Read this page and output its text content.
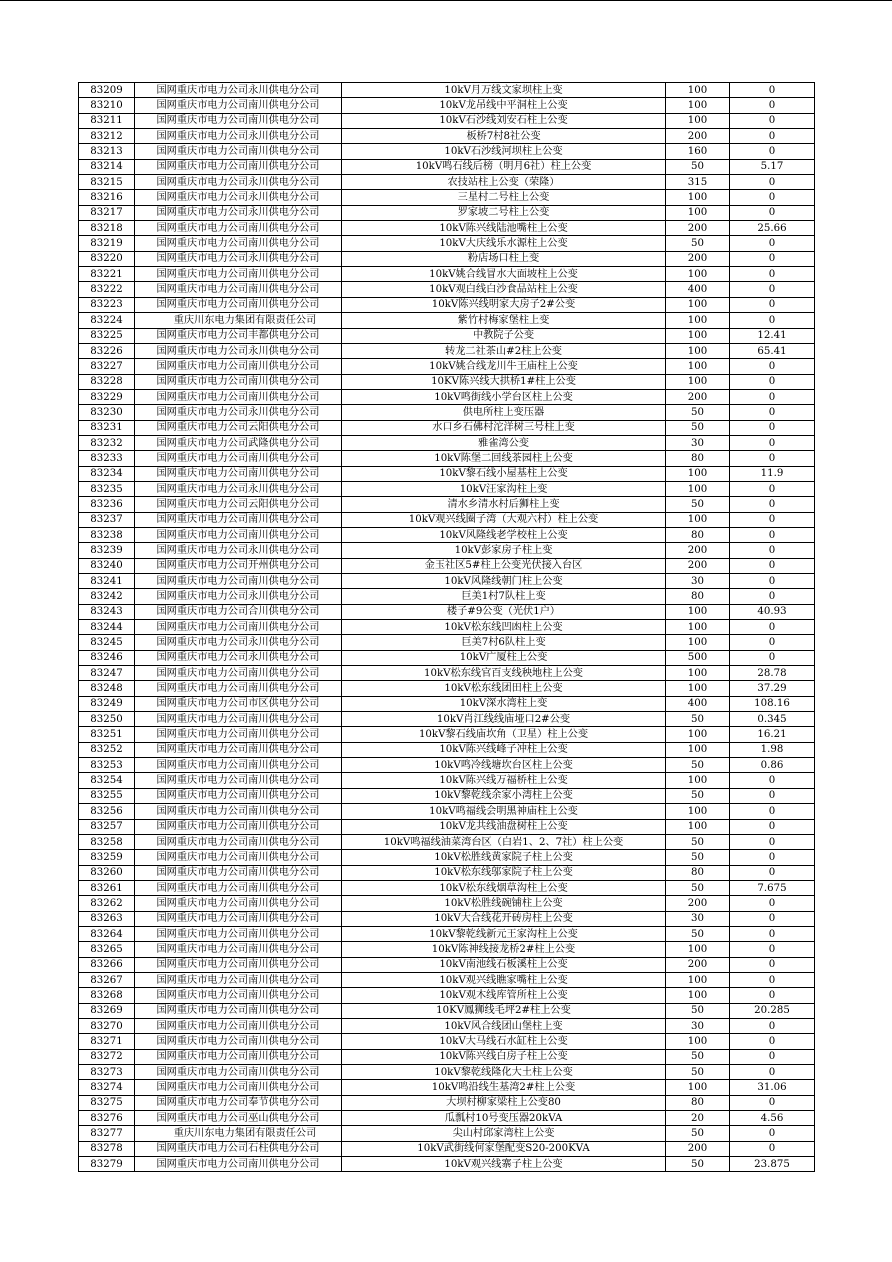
83209	国网重庆市电力公司永川供电分公司	10kV月万线文家坝柱上变	100	0
83210	国网重庆市电力公司南川供电分公司	10kV龙吊线中平洞柱上公变	100	0
83211	国网重庆市电力公司南川供电分公司	10kV石沙线刘安石柱上公变	100	0
83212	国网重庆市电力公司永川供电分公司	板桥7村8社公变	200	0
83213	国网重庆市电力公司南川供电分公司	10kV石沙线河坝柱上公变	160	0
83214	国网重庆市电力公司南川供电分公司	10kV鸣石线后榜（明月6社）柱上公变	50	5.17
83215	国网重庆市电力公司永川供电分公司	农技站柱上公变（荣隆）	315	0
83216	国网重庆市电力公司永川供电分公司	三星村二号柱上公变	100	0
83217	国网重庆市电力公司永川供电分公司	罗家坡二号柱上公变	100	0
83218	国网重庆市电力公司南川供电分公司	10kV陈兴线陆池嘴柱上公变	200	25.66
83219	国网重庆市电力公司南川供电分公司	10kV大庆线乐水源柱上公变	50	0
83220	国网重庆市电力公司永川供电分公司	粉店场口柱上变	200	0
83221	国网重庆市电力公司南川供电分公司	10kV姚合线冒水大面坡柱上公变	100	0
83222	国网重庆市电力公司南川供电分公司	10kV观白线白沙食品站柱上公变	400	0
83223	国网重庆市电力公司南川供电分公司	10kV陈兴线明家大房子2#公变	100	0
83224	重庆川东电力集团有限责任公司	紫竹村梅家堡柱上变	100	0
83225	国网重庆市电力公司丰都供电分公司	中教院子公变	100	12.41
83226	国网重庆市电力公司永川供电分公司	转龙二社茶山#2柱上公变	100	65.41
83227	国网重庆市电力公司南川供电分公司	10kV姚合线龙川牛王庙柱上公变	100	0
83228	国网重庆市电力公司南川供电分公司	10KV陈兴线大拱桥1#柱上公变	100	0
83229	国网重庆市电力公司南川供电分公司	10kV鸣街线小学台区柱上公变	200	0
83230	国网重庆市电力公司永川供电分公司	供电所柱上变压器	50	0
83231	国网重庆市电力公司云阳供电分公司	水口乡石佛村沱洋树三号柱上变	50	0
83232	国网重庆市电力公司武隆供电分公司	雅雀湾公变	30	0
83233	国网重庆市电力公司南川供电分公司	10kV陈堡二回线茶园柱上公变	80	0
83234	国网重庆市电力公司南川供电分公司	10kV黎石线小屋基柱上公变	100	11.9
83235	国网重庆市电力公司永川供电分公司	10kV汪家沟柱上变	100	0
83236	国网重庆市电力公司云阳供电分公司	清水乡清水村后狮柱上变	50	0
83237	国网重庆市电力公司南川供电分公司	10kV观兴线圈子湾（大观六村）柱上公变	100	0
83238	国网重庆市电力公司南川供电分公司	10kV风隆线老学校柱上公变	80	0
83239	国网重庆市电力公司永川供电分公司	10kV彭家房子柱上变	200	0
83240	国网重庆市电力公司开州供电分公司	金玉社区5#柱上公变光伏接入台区	200	0
83241	国网重庆市电力公司南川供电分公司	10kV风隆线朝门柱上公变	30	0
83242	国网重庆市电力公司永川供电分公司	巨美1村7队柱上变	80	0
83243	国网重庆市电力公司合川供电分公司	楼子#9公变（光伏1户）	100	40.93
83244	国网重庆市电力公司南川供电分公司	10kV松东线凹凼柱上公变	100	0
83245	国网重庆市电力公司永川供电分公司	巨美7村6队柱上变	100	0
83246	国网重庆市电力公司永川供电分公司	10kV广厦柱上公变	500	0
83247	国网重庆市电力公司南川供电分公司	10kV松东线官百支线秧地柱上公变	100	28.78
83248	国网重庆市电力公司南川供电分公司	10kV松东线团田柱上公变	100	37.29
83249	国网重庆市电力公司市区供电分公司	10kV深水湾柱上变	400	108.16
83250	国网重庆市电力公司南川供电分公司	10kV肖江线线庙垭口2#公变	50	0.345
83251	国网重庆市电力公司南川供电分公司	10kV黎石线庙坎角（卫星）柱上公变	100	16.21
83252	国网重庆市电力公司南川供电分公司	10kV陈兴线峰子冲柱上公变	100	1.98
83253	国网重庆市电力公司南川供电分公司	10kV鸣冷线塘坎台区柱上公变	50	0.86
83254	国网重庆市电力公司南川供电分公司	10kV陈兴线万福桥柱上公变	100	0
83255	国网重庆市电力公司南川供电分公司	10kV黎乾线余家小湾柱上公变	50	0
83256	国网重庆市电力公司南川供电分公司	10kV鸣福线会明黑神庙柱上公变	100	0
83257	国网重庆市电力公司南川供电分公司	10kV龙共线油盘树柱上公变	100	0
83258	国网重庆市电力公司南川供电分公司	10kV鸣福线油菜湾台区（白岩1、2、7社）柱上公变	50	0
83259	国网重庆市电力公司南川供电分公司	10kV松胜线黄家院子柱上公变	50	0
83260	国网重庆市电力公司南川供电分公司	10kV松东线邬家院子柱上公变	80	0
83261	国网重庆市电力公司南川供电分公司	10kV松东线烟草沟柱上公变	50	7.675
83262	国网重庆市电力公司南川供电分公司	10kV松胜线碗铺柱上公变	200	0
83263	国网重庆市电力公司南川供电分公司	10kV大合线花开砖房柱上公变	30	0
83264	国网重庆市电力公司南川供电分公司	10kV黎乾线新元王家沟柱上公变	50	0
83265	国网重庆市电力公司南川供电分公司	10kV陈神线接龙桥2#柱上公变	100	0
83266	国网重庆市电力公司南川供电分公司	10kV南池线石板溪柱上公变	200	0
83267	国网重庆市电力公司南川供电分公司	10kV观兴线瞧家嘴柱上公变	100	0
83268	国网重庆市电力公司南川供电分公司	10kV观木线库管所柱上公变	100	0
83269	国网重庆市电力公司南川供电分公司	10KV鳳狮线毛坪2#柱上公变	50	20.285
83270	国网重庆市电力公司南川供电分公司	10kV风合线团山堡柱上变	30	0
83271	国网重庆市电力公司南川供电分公司	10kV大马线石水缸柱上公变	100	0
83272	国网重庆市电力公司南川供电分公司	10kV陈兴线白房子柱上公变	50	0
83273	国网重庆市电力公司南川供电分公司	10kV黎乾线隆化大土柱上公变	50	0
83274	国网重庆市电力公司南川供电分公司	10kV鸣沿线生基湾2#柱上公变	100	31.06
83275	国网重庆市电力公司奉节供电分公司	大坝村柳家梁柱上公变80	80	0
83276	国网重庆市电力公司巫山供电分公司	瓜瓢村10号变压器20kVA	20	4.56
83277	重庆川东电力集团有限责任公司	尖山村邱家湾柱上公变	50	0
83278	国网重庆市电力公司石柱供电分公司	10kV武街线何家堡配变S20-200KVA	200	0
83279	国网重庆市电力公司南川供电分公司	10kV观兴线寨子柱上公变	50	23.875
